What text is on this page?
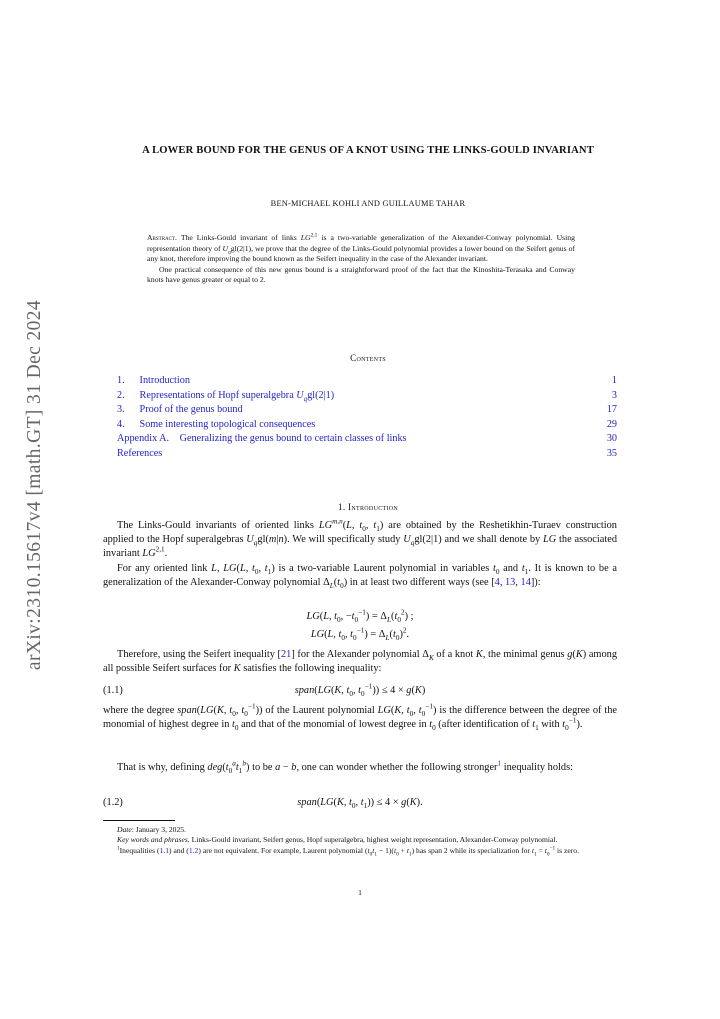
arXiv:2310.15617v4 [math.GT] 31 Dec 2024
A LOWER BOUND FOR THE GENUS OF A KNOT USING THE LINKS-GOULD INVARIANT
BEN-MICHAEL KOHLI AND GUILLAUME TAHAR

Abstract. The Links-Gould invariant of links LG$^{2,1}$ is a two-variable generalization of the Alexander-Conway polynomial. Using representation theory of $U_qgl(2|1)$, we prove that the degree of the Links-Gould polynomial provides a lower bound on the Seifert genus of any knot, therefore improving the bound known as the Seifert inequality in the case of the Alexander invariant.

One practical consequence of this new genus bound is a straightforward proof of the fact that the Kinoshita-Terasaka and Conway knots have genus greater or equal to 2.

Contents
1. Introduction	1
2. Representations of Hopf superalgebra $U_qgl(2|1)$	3
3. Proof of the genus bound	17
4. Some interesting topological consequences	29
Appendix A. Generalizing the genus bound to certain classes of links	30
References	35
1. Introduction

The Links-Gould invariants of oriented links LG$^{m,n}$(L, $t_0$, $t_1$) are obtained by the Reshetikhin-Turaev construction applied to the Hopf superalgebras $U_qgl(m|n)$. We will specifically study $U_qgl(2|1)$ and we shall denote by LG the associated invariant LG$^{2,1}$.

For any oriented link L, LG(L, $t_0$, $t_1$) is a two-variable Laurent polynomial in variables $t_0$ and $t_1$. It is known to be a generalization of the Alexander-Conway polynomial $\Delta_L(t_0)$ in at least two different ways (see [4, 13, 14]):

LG(L, $t_0$, $-t_0^{-1}) = \Delta_L(t_0^2)$ ;
LG(L, $t_0$, $t_0^{-1}) = \Delta_L(t_0)^2$.

Therefore, using the Seifert inequality [21] for the Alexander polynomial $\Delta_K$ of a knot K, the minimal genus g(K) among all possible Seifert surfaces for K satisfies the following inequality:

(1.1)	span(LG(K, $t_0$, $t_0^{-1})) \le 4 \times g(K)$

where the degree span(LG(K, $t_0$, $t_0^{-1}$)) of the Laurent polynomial LG(K, $t_0$, $t_0^{-1}$) is the difference between the degree of the monomial of highest degree in $t_0$ and that of the monomial of lowest degree in $t_0$ (after identification of $t_1$ with $t_0^{-1}$).

That is why, defining $deg(t_0^at_1^b)$ to be a − b, one can wonder whether the following stronger$^1$ inequality holds:

(1.2)	span(LG(K, $t_0$, $t_1)) \le 4 \times g(K)$.

Date: January 3, 2025.

Key words and phrases. Links-Gould invariant, Seifert genus, Hopf superalgebra, highest weight representation, Alexander-Conway polynomial.

$^1$Inequalities (1.1) and (1.2) are not equivalent. For example, Laurent polynomial $(t_0t_1 - 1)(t_0 + t_1)$ has span 2 while its specialization for $t_1 = t_0^{-1}$ is zero.

1
